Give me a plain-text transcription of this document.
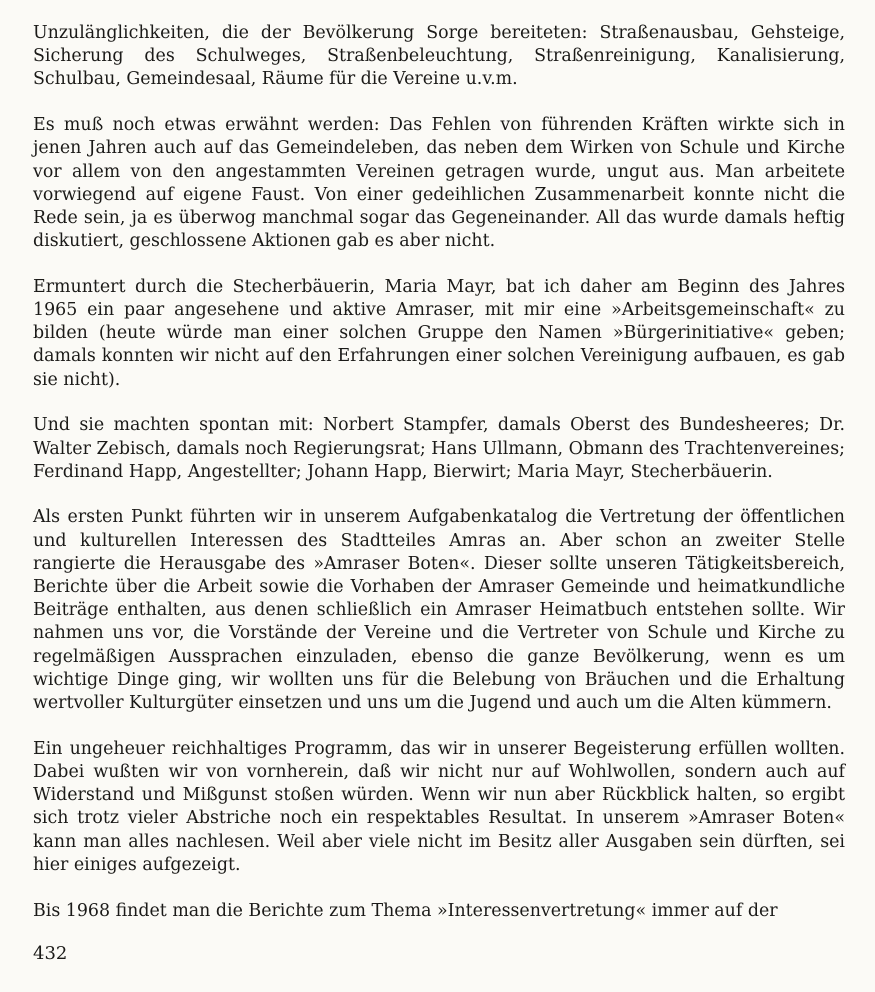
Unzulänglichkeiten, die der Bevölkerung Sorge bereiteten: Straßenausbau, Gehsteige, Sicherung des Schulweges, Straßenbeleuchtung, Straßenreinigung, Kanalisierung, Schulbau, Gemeindesaal, Räume für die Vereine u.v.m.

Es muß noch etwas erwähnt werden: Das Fehlen von führenden Kräften wirkte sich in jenen Jahren auch auf das Gemeindeleben, das neben dem Wirken von Schule und Kirche vor allem von den angestammten Vereinen getragen wurde, ungut aus. Man arbeitete vorwiegend auf eigene Faust. Von einer gedeihlichen Zusammenarbeit konnte nicht die Rede sein, ja es überwog manchmal sogar das Gegeneinander. All das wurde damals heftig diskutiert, geschlossene Aktionen gab es aber nicht.

Ermuntert durch die Stecherbäuerin, Maria Mayr, bat ich daher am Beginn des Jahres 1965 ein paar angesehene und aktive Amraser, mit mir eine »Arbeitsgemeinschaft« zu bilden (heute würde man einer solchen Gruppe den Namen »Bürgerinitiative« geben; damals konnten wir nicht auf den Erfahrungen einer solchen Vereinigung aufbauen, es gab sie nicht).

Und sie machten spontan mit: Norbert Stampfer, damals Oberst des Bundesheeres; Dr. Walter Zebisch, damals noch Regierungsrat; Hans Ullmann, Obmann des Trachtenvereines; Ferdinand Happ, Angestellter; Johann Happ, Bierwirt; Maria Mayr, Stecherbäuerin.

Als ersten Punkt führten wir in unserem Aufgabenkatalog die Vertretung der öffentlichen und kulturellen Interessen des Stadtteiles Amras an. Aber schon an zweiter Stelle rangierte die Herausgabe des »Amraser Boten«. Dieser sollte unseren Tätigkeitsbereich, Berichte über die Arbeit sowie die Vorhaben der Amraser Gemeinde und heimatkundliche Beiträge enthalten, aus denen schließlich ein Amraser Heimatbuch entstehen sollte. Wir nahmen uns vor, die Vorstände der Vereine und die Vertreter von Schule und Kirche zu regelmäßigen Aussprachen einzuladen, ebenso die ganze Bevölkerung, wenn es um wichtige Dinge ging, wir wollten uns für die Belebung von Bräuchen und die Erhaltung wertvoller Kulturgüter einsetzen und uns um die Jugend und auch um die Alten kümmern.

Ein ungeheuer reichhaltiges Programm, das wir in unserer Begeisterung erfüllen wollten. Dabei wußten wir von vornherein, daß wir nicht nur auf Wohlwollen, sondern auch auf Widerstand und Mißgunst stoßen würden. Wenn wir nun aber Rückblick halten, so ergibt sich trotz vieler Abstriche noch ein respektables Resultat. In unserem »Amraser Boten« kann man alles nachlesen. Weil aber viele nicht im Besitz aller Ausgaben sein dürften, sei hier einiges aufgezeigt.

Bis 1968 findet man die Berichte zum Thema »Interessenvertretung« immer auf der

432
